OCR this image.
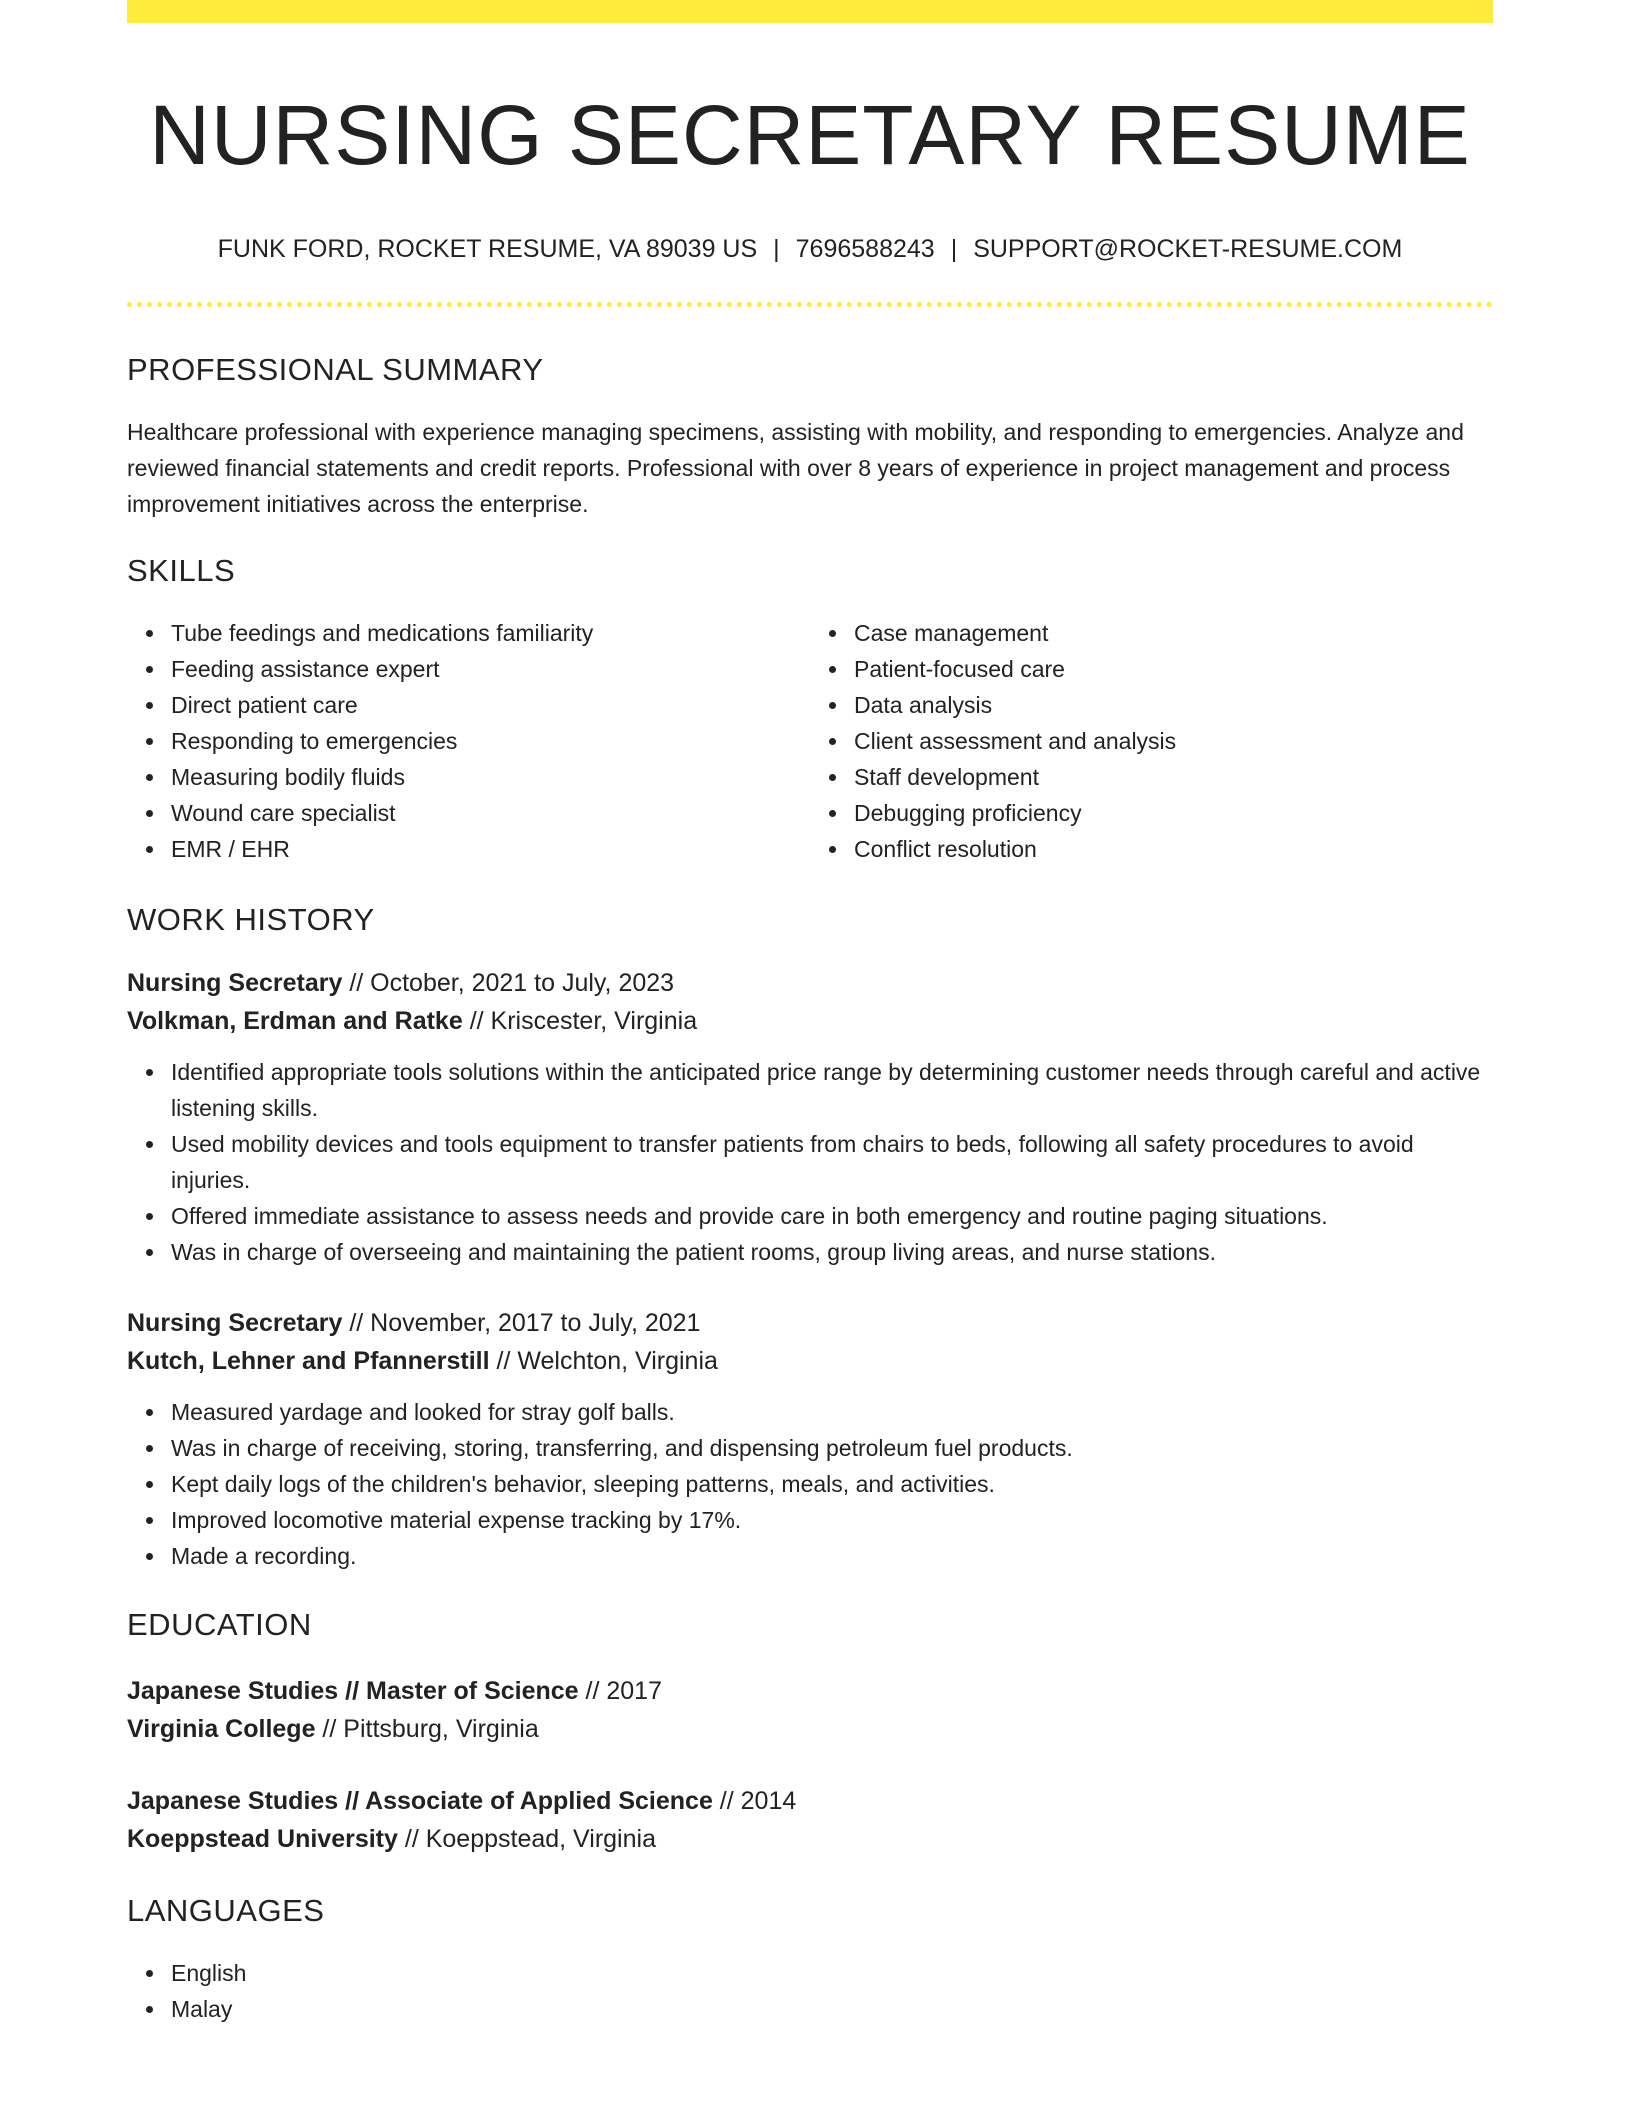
NURSING SECRETARY RESUME
FUNK FORD, ROCKET RESUME, VA 89039 US | 7696588243 | SUPPORT@ROCKET-RESUME.COM
PROFESSIONAL SUMMARY
Healthcare professional with experience managing specimens, assisting with mobility, and responding to emergencies. Analyze and reviewed financial statements and credit reports. Professional with over 8 years of experience in project management and process improvement initiatives across the enterprise.
SKILLS
Tube feedings and medications familiarity
Feeding assistance expert
Direct patient care
Responding to emergencies
Measuring bodily fluids
Wound care specialist
EMR / EHR
Case management
Patient-focused care
Data analysis
Client assessment and analysis
Staff development
Debugging proficiency
Conflict resolution
WORK HISTORY
Nursing Secretary // October, 2021 to July, 2023
Volkman, Erdman and Ratke // Kriscester, Virginia
Identified appropriate tools solutions within the anticipated price range by determining customer needs through careful and active listening skills.
Used mobility devices and tools equipment to transfer patients from chairs to beds, following all safety procedures to avoid injuries.
Offered immediate assistance to assess needs and provide care in both emergency and routine paging situations.
Was in charge of overseeing and maintaining the patient rooms, group living areas, and nurse stations.
Nursing Secretary // November, 2017 to July, 2021
Kutch, Lehner and Pfannerstill // Welchton, Virginia
Measured yardage and looked for stray golf balls.
Was in charge of receiving, storing, transferring, and dispensing petroleum fuel products.
Kept daily logs of the children's behavior, sleeping patterns, meals, and activities.
Improved locomotive material expense tracking by 17%.
Made a recording.
EDUCATION
Japanese Studies // Master of Science // 2017
Virginia College // Pittsburg, Virginia
Japanese Studies // Associate of Applied Science // 2014
Koeppstead University // Koeppstead, Virginia
LANGUAGES
English
Malay
